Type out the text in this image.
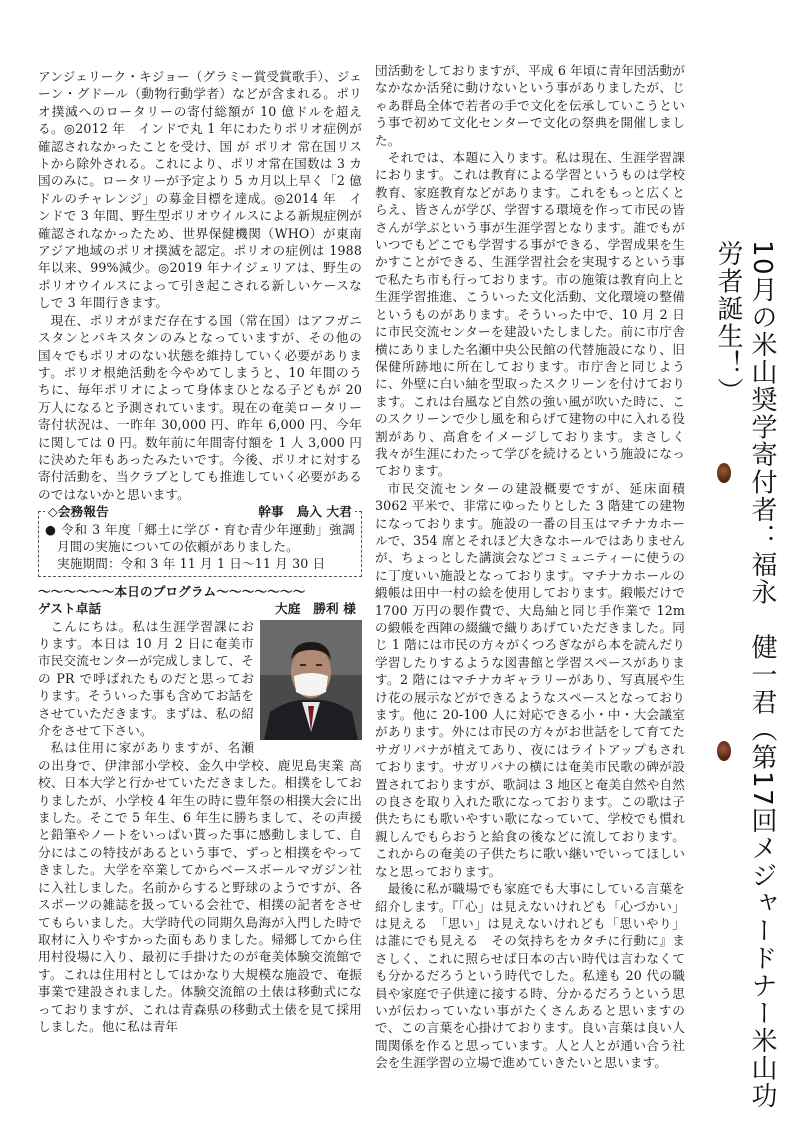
アンジェリーク・キジョー（グラミー賞受賞歌手）、ジェーン・グドール（動物行動学者）などが含まれる。ポリオ撲滅へのロータリーの寄付総額が 10 億ドルを超える。◎2012 年　インドで丸 1 年にわたりポリオ症例が確認されなかったことを受け、国 が ポリオ 常在国リストから除外される。これにより、ポリオ常在国数は 3 カ国のみに。ロータリーが予定より 5 カ月以上早く「2 億ドルのチャレンジ」の募金目標を達成。◎2014 年　インドで 3 年間、野生型ポリオウイルスによる新規症例が確認されなかったため、世界保健機関（WHO）が東南アジア地域のポリオ撲滅を認定。ポリオの症例は 1988 年以来、99%減少。◎2019 年ナイジェリアは、野生のポリオウイルスによって引き起こされる新しいケースなしで 3 年間行きます。

現在、ポリオがまだ存在する国（常在国）はアフガニスタンとパキスタンのみとなっていますが、その他の国々でもポリオのない状態を維持していく必要があります。ポリオ根絶活動を今やめてしまうと、10 年間のうちに、毎年ポリオによって身体まひとなる子どもが 20 万人になると予測されています。現在の奄美ロータリー寄付状況は、一昨年 30,000 円、昨年 6,000 円、今年に関しては 0 円。数年前に年間寄付額を 1 人 3,000 円に決めた年もあったみたいです。今後、ポリオに対する寄付活動を、当クラブとしても推進していく必要があるのではないかと思います。

◇会務報告	幹事　鳥入 大君

● 令和 3 年度「郷土に学び・育む青少年運動」強調月間の実施についての依頼がありました。

実施期間：令和 3 年 11 月 1 日〜11 月 30 日

〜〜〜〜〜〜本日のプログラム〜〜〜〜〜〜〜
ゲスト卓話	大庭　勝利 様

こんにちは。私は生涯学習課におります。本日は 10 月 2 日に奄美市市民交流センターが完成しまして、その PR で呼ばれたものだと思っております。そういった事も含めてお話をさせていただきます。まずは、私の紹介をさせて下さい。

私は住用に家がありますが、名瀬の出身で、伊津部小学校、金久中学校、鹿児島実業 高 校、日本大学と行かせていただきました。相撲をしておりましたが、小学校 4 年生の時に豊年祭の相撲大会に出ました。そこで 5 年生、6 年生に勝ちまして、その声援と鉛筆やノートをいっぱい貰った事に感動しまして、自分にはこの特技があるという事で、ずっと相撲をやってきました。大学を卒業してからベースボールマガジン社に入社しました。名前からすると野球のようですが、各スポーツの雑誌を扱っている会社で、相撲の記者をさせてもらいました。大学時代の同期久島海が入門した時で取材に入りやすかった面もありました。帰郷してから住用村役場に入り、最初に手掛けたのが奄美体験交流館です。これは住用村としてはかなり大規模な施設で、奄振事業で建設されました。体験交流館の土俵は移動式になっておりますが、これは青森県の移動式土俵を見て採用しました。他に私は青年

団活動をしておりますが、平成 6 年頃に青年団活動がなかなか活発に動けないという事がありましたが、じゃあ群島全体で若者の手で文化を伝承していこうという事で初めて文化センターで文化の祭典を開催しました。

それでは、本題に入ります。私は現在、生涯学習課におります。これは教育による学習というものは学校教育、家庭教育などがあります。これをもっと広くとらえ、皆さんが学び、学習する環境を作って市民の皆さんが学ぶという事が生涯学習となります。誰でもがいつでもどこでも学習する事ができる、学習成果を生かすことができる、生涯学習社会を実現するという事で私たち市も行っております。市の施策は教育向上と生涯学習推進、こういった文化活動、文化環境の整備というものがあります。そういった中で、10 月 2 日に市民交流センターを建設いたしました。前に市庁舎横にありました名瀬中央公民館の代替施設になり、旧保健所跡地に所在しております。市庁舎と同じように、外壁に白い紬を型取ったスクリーンを付けております。これは台風など自然の強い風が吹いた時に、このスクリーンで少し風を和らげて建物の中に入れる役割があり、高倉をイメージしております。まさしく我々が生涯にわたって学びを続けるという施設になっております。

市民交流センターの建設概要ですが、延床面積 3062 平米で、非常にゆったりとした 3 階建ての建物になっております。施設の一番の目玉はマチナカホールで、354 席とそれほど大きなホールではありませんが、ちょっとした講演会などコミュニティーに使うのに丁度いい施設となっております。マチナカホールの緞帳は田中一村の絵を使用しております。緞帳だけで 1700 万円の製作費で、大島紬と同じ手作業で 12m の緞帳を西陣の綴織で織りあげていただきました。同じ 1 階には市民の方々がくつろぎながら本を読んだり学習したりするような図書館と学習スペースがあります。2 階にはマチナカギャラリーがあり、写真展や生け花の展示などができるようなスペースとなっております。他に 20-100 人に対応できる小・中・大会議室があります。外には市民の方々がお世話をして育てたサガリバナが植えてあり、夜にはライトアップもされております。サガリバナの横には奄美市民歌の碑が設置されておりますが、歌詞は 3 地区と奄美自然や自然の良さを取り入れた歌になっております。この歌は子供たちにも歌いやすい歌になっていて、学校でも慣れ親しんでもらおうと給食の後などに流しております。これからの奄美の子供たちに歌い継いでいってほしいなと思っております。

最後に私が職場でも家庭でも大事にしている言葉を紹介します。『「心」は見えないけれども「心づかい」は見える　「思い」は見えないけれども「思いやり」は誰にでも見える　その気持ちをカタチに行動に』まさしく、これに照らせば日本の古い時代は言わなくても分かるだろうという時代でした。私達も 20 代の職員や家庭で子供達に接する時、分かるだろうという思いが伝わっていない事がたくさんあると思いますので、この言葉を心掛けております。良い言葉は良い人間関係を作ると思っています。人と人とが通い合う社会を生涯学習の立場で進めていきたいと思います。	10月の米山奨学寄付者：福永　健一君（第17回メジャードナー米山功労者誕生！）
